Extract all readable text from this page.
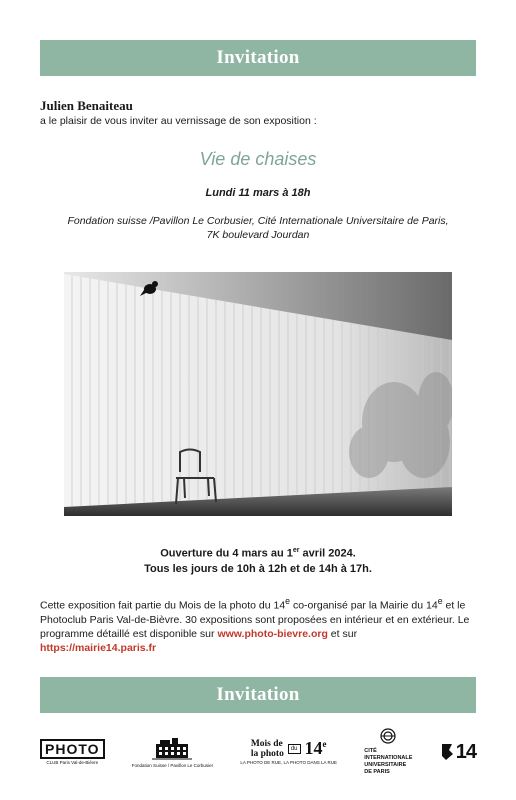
Invitation
Julien Benaiteau
a le plaisir de vous inviter au vernissage de son exposition :
Vie de chaises
Lundi 11 mars à 18h
Fondation suisse /Pavillon Le Corbusier, Cité Internationale Universitaire de Paris,
7K boulevard Jourdan
Ouverture du 4 mars au 1er avril 2024.
Tous les jours de 10h à 12h et de 14h à 17h.
Cette exposition fait partie du Mois de la photo du 14e co-organisé par la Mairie du 14e et le Photoclub Paris Val-de-Bièvre. 30 expositions sont proposées en intérieur et en extérieur. Le programme détaillé est disponible sur www.photo-bievre.org et sur https://mairie14.paris.fr
Invitation
PHOTO
CLUB Paris Val-de-Bièvre
Fondation Suisse / Pavillon Le Corbusier
Mois de
la photo	du 14e
LA PHOTO DE RUE, LA PHOTO DANS LA RUE
CITÉ
INTERNATIONALE
UNIVERSITAIRE
DE PARIS
14
